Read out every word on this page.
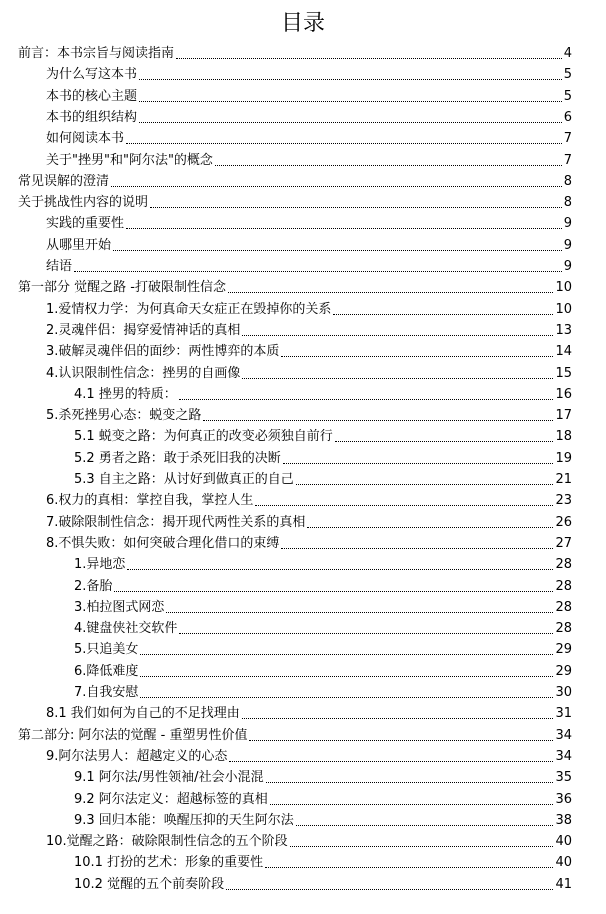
目录
前言：本书宗旨与阅读指南	4
为什么写这本书	5
本书的核心主题	5
本书的组织结构	6
如何阅读本书	7
关于"挫男"和"阿尔法"的概念	7
常见误解的澄清	8
关于挑战性内容的说明	8
实践的重要性	9
从哪里开始	9
结语	9
第一部分 觉醒之路 -打破限制性信念	10
1.爱情权力学：为何真命天女症正在毁掉你的关系	10
2.灵魂伴侣：揭穿爱情神话的真相	13
3.破解灵魂伴侣的面纱：两性博弈的本质	14
4.认识限制性信念：挫男的自画像	15
4.1 挫男的特质：	16
5.杀死挫男心态：蜕变之路	17
5.1 蜕变之路：为何真正的改变必须独自前行	18
5.2 勇者之路：敢于杀死旧我的决断	19
5.3 自主之路：从讨好到做真正的自己	21
6.权力的真相：掌控自我，掌控人生	23
7.破除限制性信念：揭开现代两性关系的真相	26
8.不惧失败：如何突破合理化借口的束缚	27
1.异地恋	28
2.备胎	28
3.柏拉图式网恋	28
4.键盘侠社交软件	28
5.只追美女	29
6.降低难度	29
7.自我安慰	30
8.1 我们如何为自己的不足找理由	31
第二部分: 阿尔法的觉醒 - 重塑男性价值	34
9.阿尔法男人：超越定义的心态	34
9.1 阿尔法/男性领袖/社会小混混	35
9.2 阿尔法定义：超越标签的真相	36
9.3 回归本能：唤醒压抑的天生阿尔法	38
10.觉醒之路：破除限制性信念的五个阶段	40
10.1 打扮的艺术：形象的重要性	40
10.2 觉醒的五个前奏阶段	41
